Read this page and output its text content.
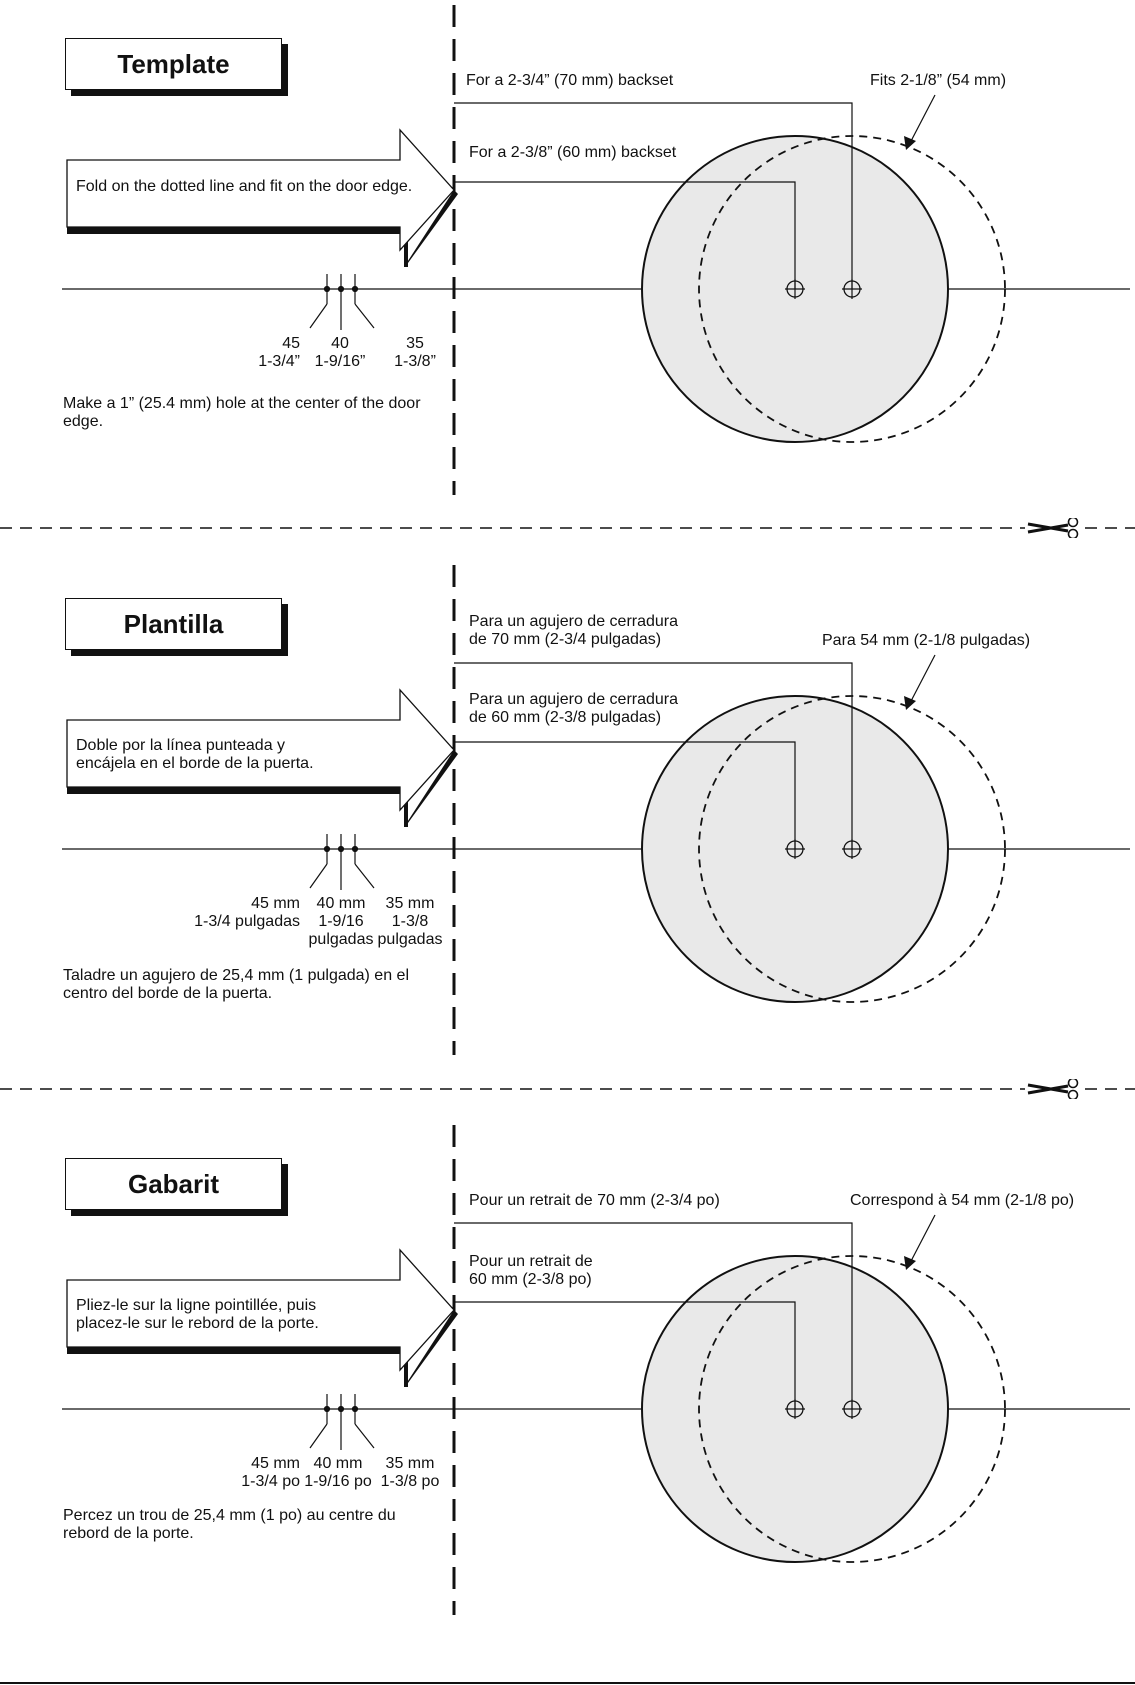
Template
For a 2-3/4” (70 mm) backset
For a 2-3/8” (60 mm) backset
Fits 2-1/8” (54 mm)
Fold on the dotted line and fit on the door edge.
45
1-3/4”
40
1-9/16”
35
1-3/8”
Make a 1” (25.4 mm) hole at the center of the door edge.
Plantilla	Para un agujero de cerradura
de 70 mm (2-3/4 pulgadas)
Para un agujero de cerradura
de 60 mm (2-3/8 pulgadas)
Para 54 mm (2-1/8 pulgadas)
Doble por la línea punteada y
encájela en el borde de la puerta.
45 mm
1-3/4 pulgadas
40 mm
1-9/16
pulgadas
35 mm
1-3/8
pulgadas
Taladre un agujero de 25,4 mm (1 pulgada) en el centro del borde de la puerta.
Gabarit
Pour un retrait de 70 mm (2-3/4 po)
Pour un retrait de
60 mm (2-3/8 po)
Correspond à 54 mm (2-1/8 po)
Pliez-le sur la ligne pointillée, puis
placez-le sur le rebord de la porte.
45 mm
1-3/4 po
40 mm
1-9/16 po
35 mm
1-3/8 po
Percez un trou de 25,4 mm (1 po) au centre du rebord de la porte.
